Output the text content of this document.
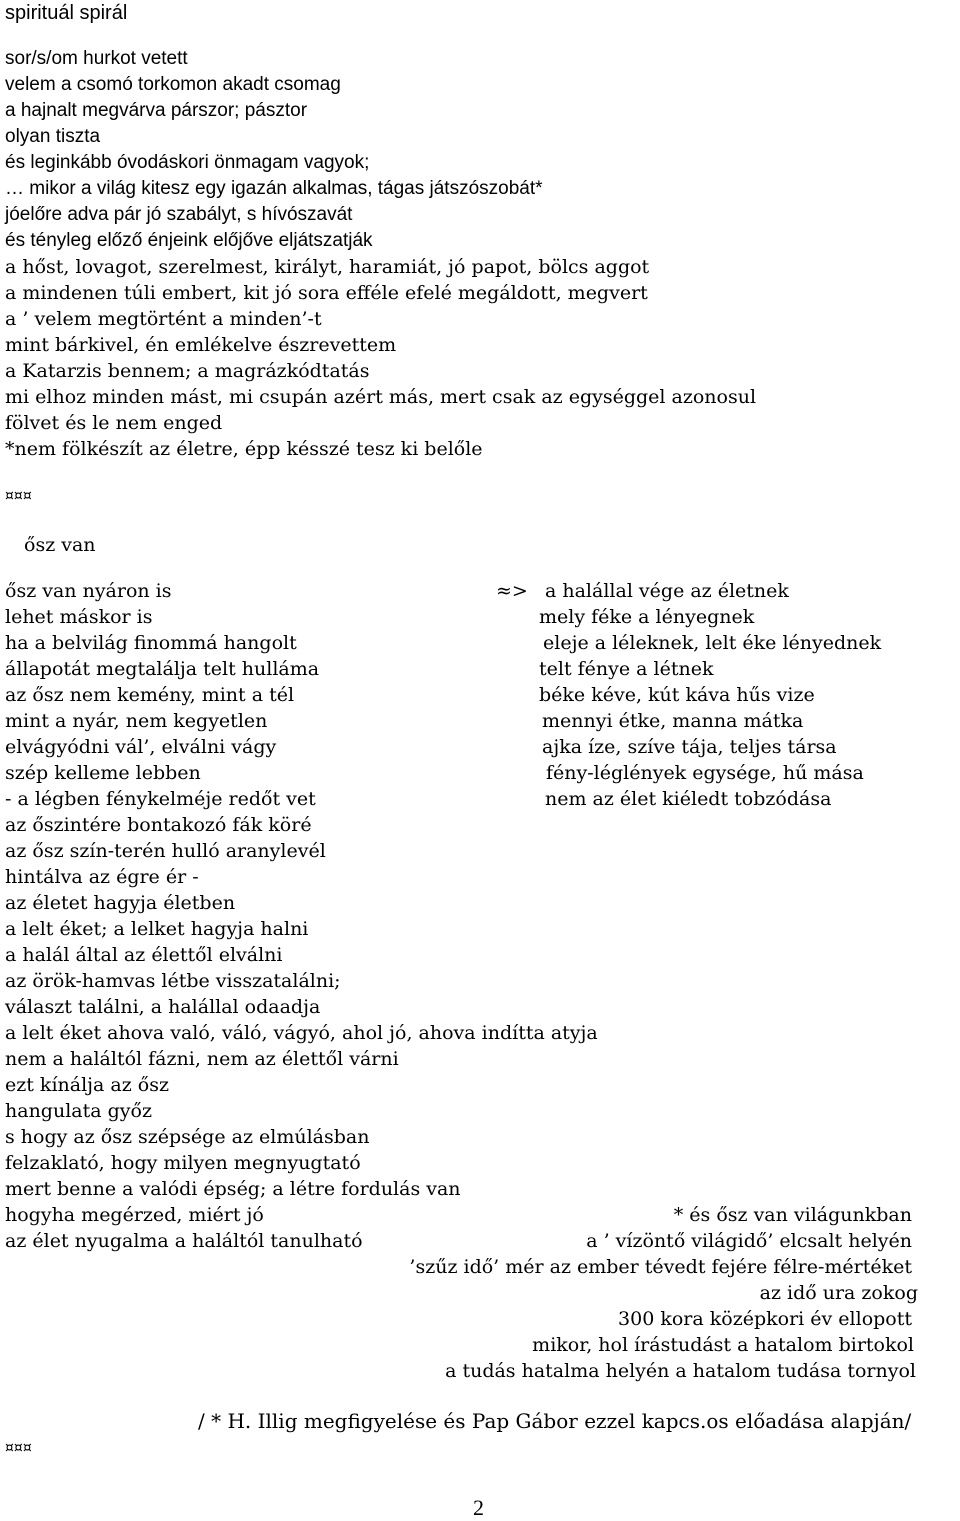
spirituál spirál
sor/s/om hurkot vetett
velem a csomó torkomon akadt csomag
a hajnalt megvárva párszor; pásztor
olyan tiszta
és leginkább óvodáskori önmagam vagyok;
… mikor a világ kitesz egy igazán alkalmas, tágas játszószobát*
jóelőre adva pár jó szabályt, s hívószavát
és tényleg előző énjeink előjőve eljátszatják
a hőst, lovagot, szerelmest, királyt, haramiát, jó papot, bölcs aggot
a mindenen túli embert, kit jó sora efféle efelé megáldott, megvert
a ’ velem megtörtént a minden’-t
mint bárkivel, én emlékelve észrevettem
a Katarzis bennem; a magrázkódtatás
mi elhoz minden mást, mi csupán azért más, mert csak az egységgel azonosul
fölvet és le nem enged
*nem fölkészít az életre, épp késszé tesz ki belőle
¤¤¤
ősz van
ősz van nyáron is
lehet máskor is
ha a belvilág finommá hangolt
állapotát megtalálja telt hulláma
az ősz nem kemény, mint a tél
mint a nyár, nem kegyetlen
elvágyódni vál’, elválni vágy
szép kelleme lebben
- a légben fénykelméje redőt vet
az őszintére bontakozó fák köré
az ősz szín-terén hulló aranylevél
hintálva az égre ér -
az életet hagyja életben
a lelt éket; a lelket hagyja halni
a halál által az élettől elválni
az örök-hamvas létbe visszatalálni;
választ találni, a halállal odaadja
a lelt éket ahova való, váló, vágyó, ahol jó, ahova indítta atyja
nem a haláltól fázni, nem az élettől várni
ezt kínálja az ősz
hangulata győz
s hogy az ősz szépsége az elmúlásban
felzaklató, hogy milyen megnyugtató
mert benne a valódi épség; a létre fordulás van
hogyha megérzed, miért jó
az élet nyugalma a haláltól tanulható
≈> a halállal vége az életnek
mely féke a lényegnek
eleje a léleknek, lelt éke lényednek
telt fénye a létnek
béke kéve, kút káva hűs vize
mennyi étke, manna mátka
ajka íze, szíve tája, teljes társa
fény-léglények egysége, hű mása
nem az élet kiéledt tobzódása
* és ősz van világunkban
a ’ vízöntő világidő’ elcsalt helyén
’szűz idő’ mér az ember tévedt fejére félre-mértéket
az idő ura zokog
300 kora középkori év ellopott
mikor, hol írástudást a hatalom birtokol
a tudás hatalma helyén a hatalom tudása tornyol
/ * H. Illig megfigyelése és Pap Gábor ezzel kapcs.os előadása alapján/
¤¤¤
2
